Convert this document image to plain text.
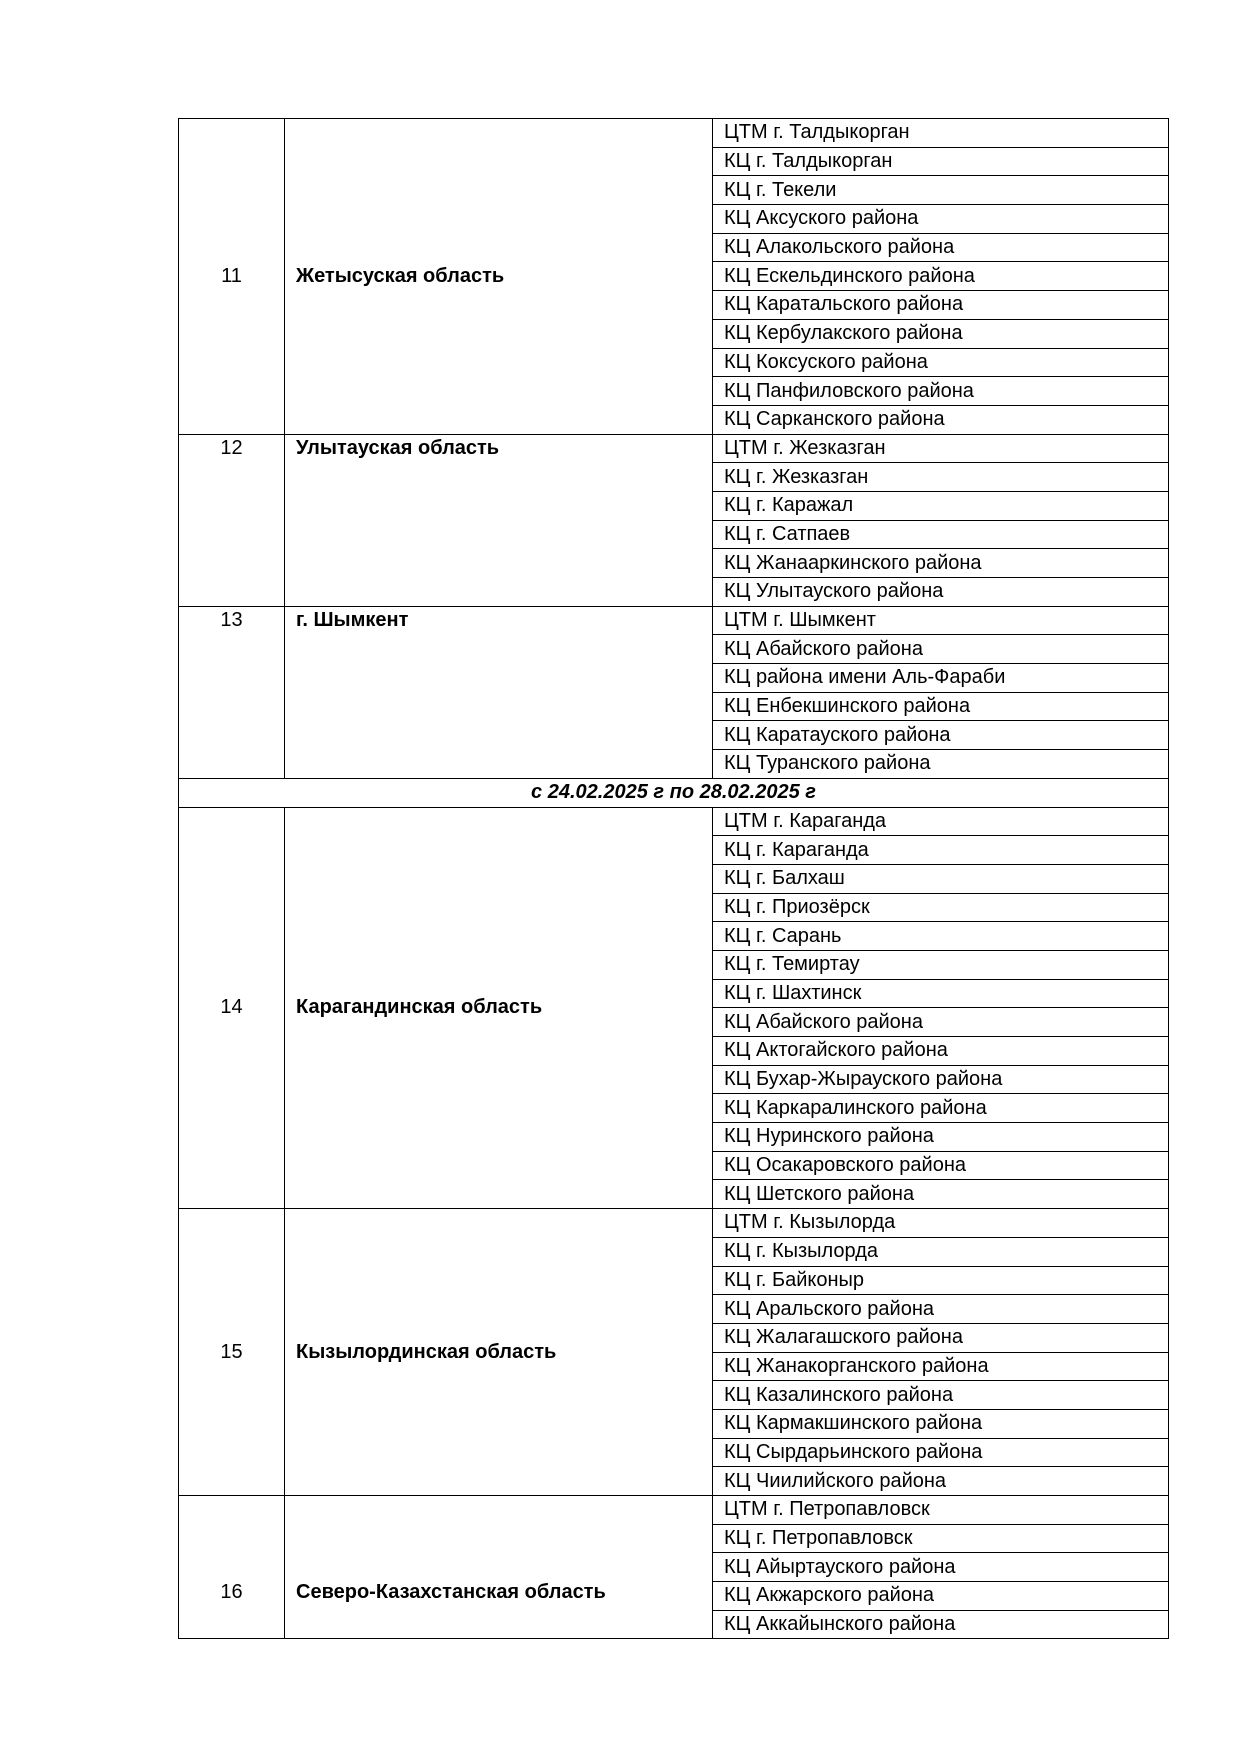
11	Жетысуская область	ЦТМ г. Талдыкорган
		КЦ г. Талдыкорган
		КЦ г. Текели
		КЦ Аксуского района
		КЦ Алакольского района
		КЦ Ескельдинского района
		КЦ Каратальского района
		КЦ Кербулакского района
		КЦ Коксуского района
		КЦ Панфиловского района
		КЦ Сарканского района
12	Улытауская область	ЦТМ г. Жезказган
		КЦ г. Жезказган
		КЦ г. Каражал
		КЦ г. Сатпаев
		КЦ Жанааркинского района
		КЦ Улытауского района
13	г. Шымкент	ЦТМ г. Шымкент
		КЦ Абайского района
		КЦ района имени Аль-Фараби
		КЦ Енбекшинского района
		КЦ Каратауского района
		КЦ Туранского района
с 24.02.2025 г по 28.02.2025 г		
14	Карагандинская область	ЦТМ г. Караганда
		КЦ г. Караганда
		КЦ г. Балхаш
		КЦ г. Приозёрск
		КЦ г. Сарань
		КЦ г. Темиртау
		КЦ г. Шахтинск
		КЦ Абайского района
		КЦ Актогайского района
		КЦ Бухар-Жырауского района
		КЦ Каркаралинского района
		КЦ Нуринского района
		КЦ Осакаровского района
		КЦ Шетского района
15	Кызылординская область	ЦТМ г. Кызылорда
		КЦ г. Кызылорда
		КЦ г. Байконыр
		КЦ Аральского района
		КЦ Жалагашского района
		КЦ Жанакорганского района
		КЦ Казалинского района
		КЦ Кармакшинского района
		КЦ Сырдарьинского района
		КЦ Чиилийского района
16	Северо-Казахстанская область	ЦТМ г. Петропавловск
		КЦ г. Петропавловск
		КЦ Айыртауского района
		КЦ Акжарского района
		КЦ Аккайынского района
